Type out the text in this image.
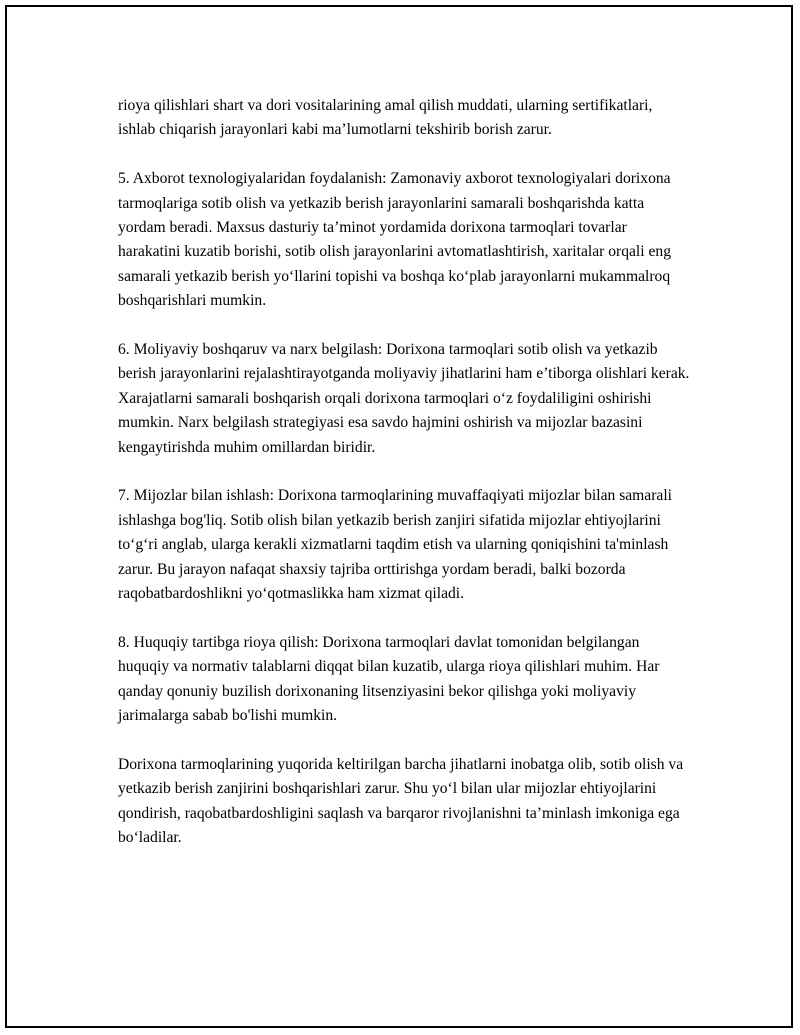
rioya qilishlari shart va dori vositalarining amal qilish muddati, ularning sertifikatlari, ishlab chiqarish jarayonlari kabi ma’lumotlarni tekshirib borish zarur.

5. Axborot texnologiyalaridan foydalanish: Zamonaviy axborot texnologiyalari dorixona tarmoqlariga sotib olish va yetkazib berish jarayonlarini samarali boshqarishda katta yordam beradi. Maxsus dasturiy ta’minot yordamida dorixona tarmoqlari tovarlar harakatini kuzatib borishi, sotib olish jarayonlarini avtomatlashtirish, xaritalar orqali eng samarali yetkazib berish yo‘llarini topishi va boshqa ko‘plab jarayonlarni mukammalroq boshqarishlari mumkin.

6. Moliyaviy boshqaruv va narx belgilash: Dorixona tarmoqlari sotib olish va yetkazib berish jarayonlarini rejalashtirayotganda moliyaviy jihatlarini ham e’tiborga olishlari kerak. Xarajatlarni samarali boshqarish orqali dorixona tarmoqlari o‘z foydaliligini oshirishi mumkin. Narx belgilash strategiyasi esa savdo hajmini oshirish va mijozlar bazasini kengaytirishda muhim omillardan biridir.

7. Mijozlar bilan ishlash: Dorixona tarmoqlarining muvaffaqiyati mijozlar bilan samarali ishlashga bog'liq. Sotib olish bilan yetkazib berish zanjiri sifatida mijozlar ehtiyojlarini to‘g‘ri anglab, ularga kerakli xizmatlarni taqdim etish va ularning qoniqishini ta'minlash zarur. Bu jarayon nafaqat shaxsiy tajriba orttirishga yordam beradi, balki bozorda raqobatbardoshlikni yo‘qotmaslikka ham xizmat qiladi.

8. Huquqiy tartibga rioya qilish: Dorixona tarmoqlari davlat tomonidan belgilangan huquqiy va normativ talablarni diqqat bilan kuzatib, ularga rioya qilishlari muhim. Har qanday qonuniy buzilish dorixonaning litsenziyasini bekor qilishga yoki moliyaviy jarimalarga sabab bo'lishi mumkin.

Dorixona tarmoqlarining yuqorida keltirilgan barcha jihatlarni inobatga olib, sotib olish va yetkazib berish zanjirini boshqarishlari zarur. Shu yo‘l bilan ular mijozlar ehtiyojlarini qondirish, raqobatbardoshligini saqlash va barqaror rivojlanishni ta’minlash imkoniga ega bo‘ladilar.
